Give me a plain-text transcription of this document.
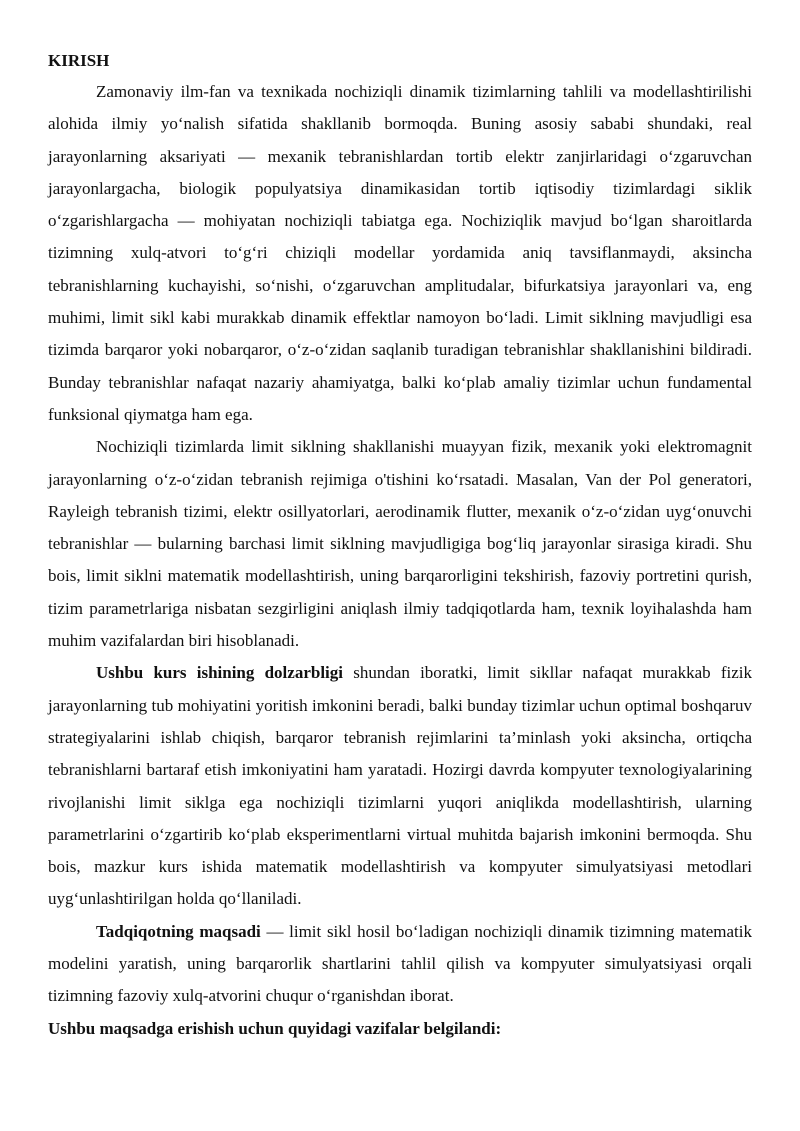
KIRISH

Zamonaviy ilm-fan va texnikada nochiziqli dinamik tizimlarning tahlili va modellashtirilishi alohida ilmiy yo‘nalish sifatida shakllanib bormoqda. Buning asosiy sababi shundaki, real jarayonlarning aksariyati — mexanik tebranishlardan tortib elektr zanjirlaridagi o‘zgaruvchan jarayonlargacha, biologik populyatsiya dinamikasidan tortib iqtisodiy tizimlardagi siklik o‘zgarishlargacha — mohiyatan nochiziqli tabiatga ega. Nochiziqlik mavjud bo‘lgan sharoitlarda tizimning xulq-atvori to‘g‘ri chiziqli modellar yordamida aniq tavsiflanmaydi, aksincha tebranishlarning kuchayishi, so‘nishi, o‘zgaruvchan amplitudalar, bifurkatsiya jarayonlari va, eng muhimi, limit sikl kabi murakkab dinamik effektlar namoyon bo‘ladi. Limit siklning mavjudligi esa tizimda barqaror yoki nobarqaror, o‘z-o‘zidan saqlanib turadigan tebranishlar shakllanishini bildiradi. Bunday tebranishlar nafaqat nazariy ahamiyatga, balki ko‘plab amaliy tizimlar uchun fundamental funksional qiymatga ham ega.

Nochiziqli tizimlarda limit siklning shakllanishi muayyan fizik, mexanik yoki elektromagnit jarayonlarning o‘z-o‘zidan tebranish rejimiga o'tishini ko‘rsatadi. Masalan, Van der Pol generatori, Rayleigh tebranish tizimi, elektr osillyatorlari, aerodinamik flutter, mexanik o‘z-o‘zidan uyg‘onuvchi tebranishlar — bularning barchasi limit siklning mavjudligiga bog‘liq jarayonlar sirasiga kiradi. Shu bois, limit siklni matematik modellashtirish, uning barqarorligini tekshirish, fazoviy portretini qurish, tizim parametrlariga nisbatan sezgirligini aniqlash ilmiy tadqiqotlarda ham, texnik loyihalashda ham muhim vazifalardan biri hisoblanadi.

Ushbu kurs ishining dolzarbligi shundan iboratki, limit sikllar nafaqat murakkab fizik jarayonlarning tub mohiyatini yoritish imkonini beradi, balki bunday tizimlar uchun optimal boshqaruv strategiyalarini ishlab chiqish, barqaror tebranish rejimlarini ta’minlash yoki aksincha, ortiqcha tebranishlarni bartaraf etish imkoniyatini ham yaratadi. Hozirgi davrda kompyuter texnologiyalarining rivojlanishi limit siklga ega nochiziqli tizimlarni yuqori aniqlikda modellashtirish, ularning parametrlarini o‘zgartirib ko‘plab eksperimentlarni virtual muhitda bajarish imkonini bermoqda. Shu bois, mazkur kurs ishida matematik modellashtirish va kompyuter simulyatsiyasi metodlari uyg‘unlashtirilgan holda qo‘llaniladi.

Tadqiqotning maqsadi — limit sikl hosil bo‘ladigan nochiziqli dinamik tizimning matematik modelini yaratish, uning barqarorlik shartlarini tahlil qilish va kompyuter simulyatsiyasi orqali tizimning fazoviy xulq-atvorini chuqur o‘rganishdan iborat.

Ushbu maqsadga erishish uchun quyidagi vazifalar belgilandi:
